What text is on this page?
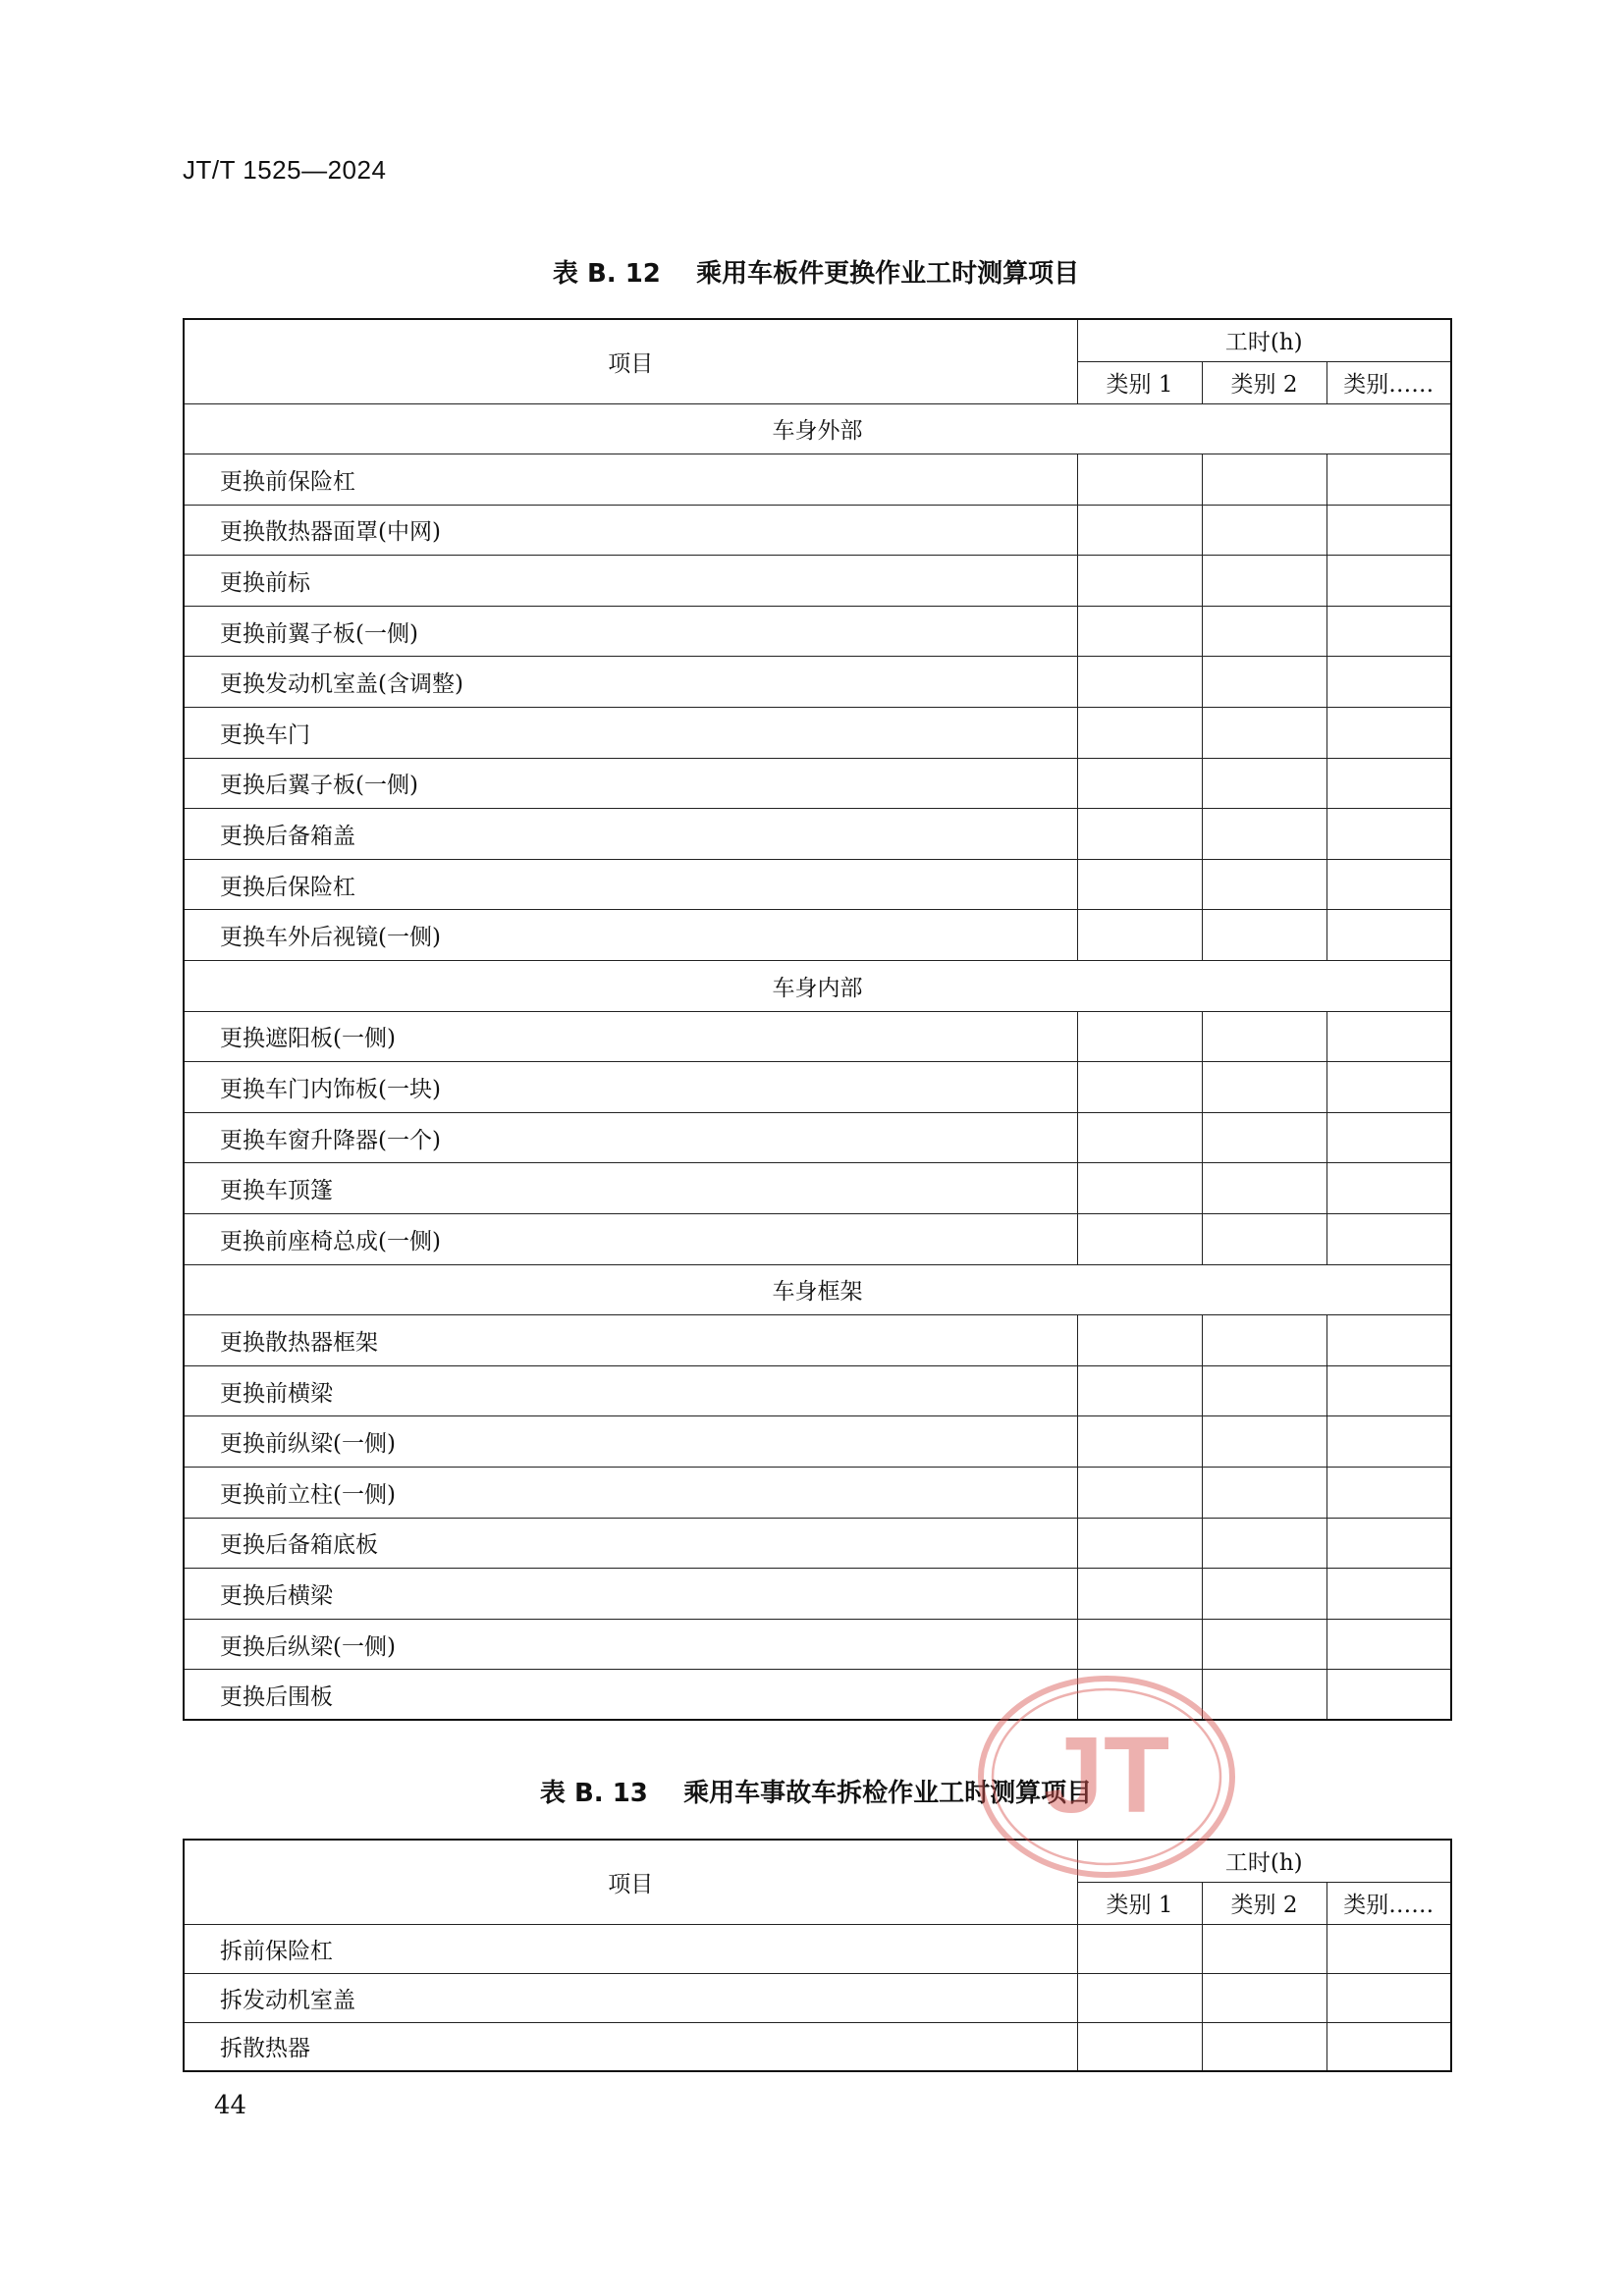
JT/T 1525—2024
表 B. 12    乘用车板件更换作业工时测算项目
项目	工时(h)		
	类别 1	类别 2	类别……
车身外部			
更换前保险杠			
更换散热器面罩(中网)			
更换前标			
更换前翼子板(一侧)			
更换发动机室盖(含调整)			
更换车门			
更换后翼子板(一侧)			
更换后备箱盖			
更换后保险杠			
更换车外后视镜(一侧)			
车身内部			
更换遮阳板(一侧)			
更换车门内饰板(一块)			
更换车窗升降器(一个)			
更换车顶篷			
更换前座椅总成(一侧)			
车身框架			
更换散热器框架			
更换前横梁			
更换前纵梁(一侧)			
更换前立柱(一侧)			
更换后备箱底板			
更换后横梁			
更换后纵梁(一侧)			
更换后围板			
表 B. 13    乘用车事故车拆检作业工时测算项目
项目	工时(h)		
	类别 1	类别 2	类别……
拆前保险杠			
拆发动机室盖			
拆散热器			
44
JT
